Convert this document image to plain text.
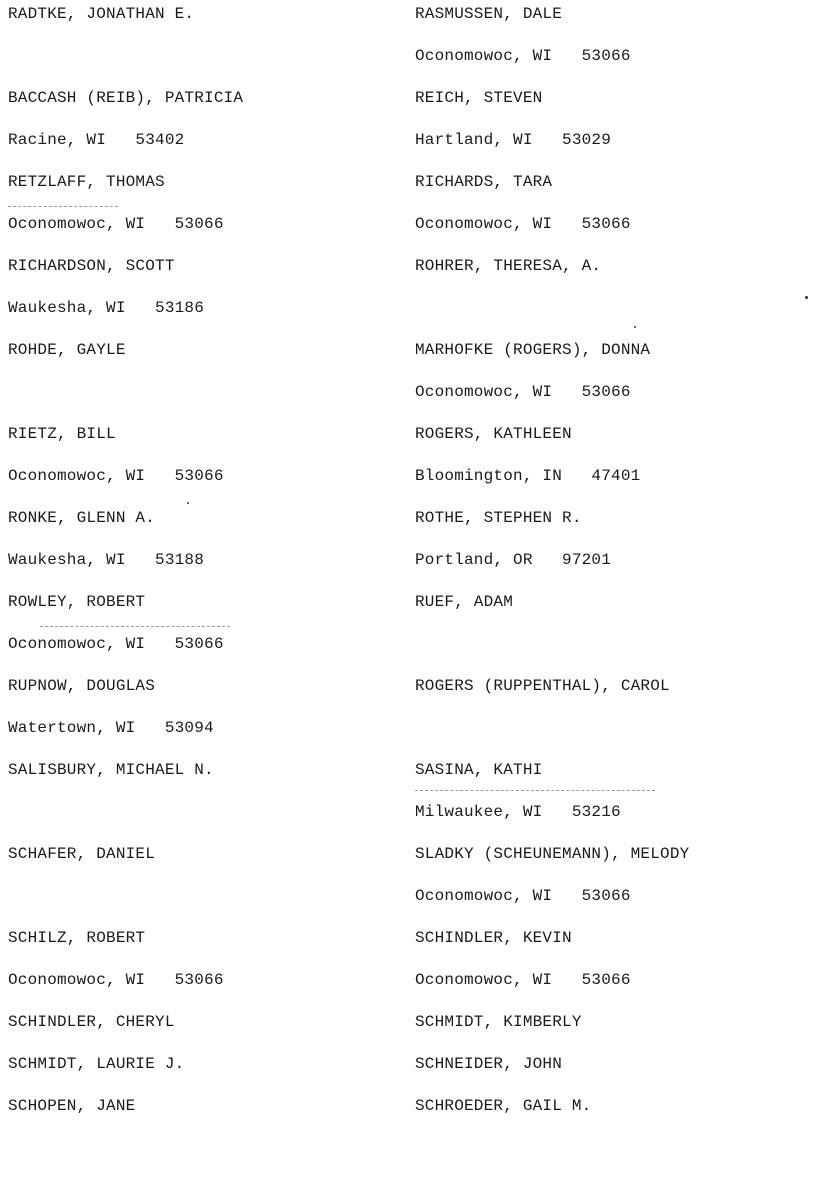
RADTKE, JONATHAN E.
BACCASH (REIB), PATRICIA
Racine, WI   53402
RETZLAFF, THOMAS
Oconomowoc, WI   53066
RICHARDSON, SCOTT
Waukesha, WI   53186
ROHDE, GAYLE
RIETZ, BILL
Oconomowoc, WI   53066
RONKE, GLENN A.
Waukesha, WI   53188
ROWLEY, ROBERT
Oconomowoc, WI   53066
RUPNOW, DOUGLAS
Watertown, WI   53094
SALISBURY, MICHAEL N.
SCHAFER, DANIEL
SCHILZ, ROBERT
Oconomowoc, WI   53066
SCHINDLER, CHERYL
SCHMIDT, LAURIE J.
SCHOPEN, JANE
RASMUSSEN, DALE
Oconomowoc, WI   53066
REICH, STEVEN
Hartland, WI   53029
RICHARDS, TARA
Oconomowoc, WI   53066
ROHRER, THERESA, A.
MARHOFKE (ROGERS), DONNA
Oconomowoc, WI   53066
ROGERS, KATHLEEN
Bloomington, IN   47401
ROTHE, STEPHEN R.
Portland, OR   97201
RUEF, ADAM
ROGERS (RUPPENTHAL), CAROL
SASINA, KATHI
Milwaukee, WI   53216
SLADKY (SCHEUNEMANN), MELODY
Oconomowoc, WI   53066
SCHINDLER, KEVIN
Oconomowoc, WI   53066
SCHMIDT, KIMBERLY
SCHNEIDER, JOHN
SCHROEDER, GAIL M.
